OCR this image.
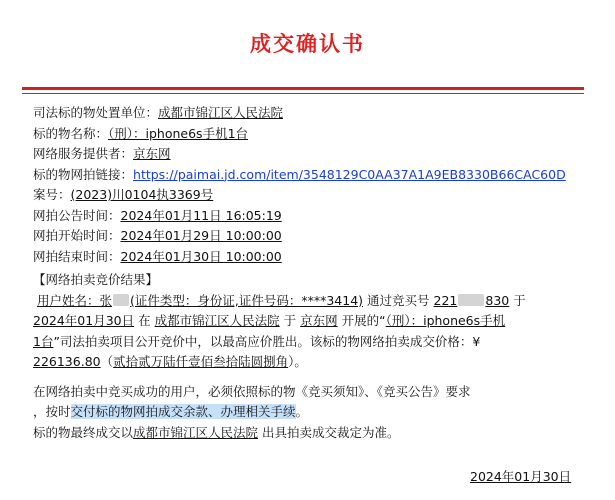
成交确认书
司法标的物处置单位：成都市锦江区人民法院
标的物名称：（刑）：iphone6s手机1台
网络服务提供者：京东网
标的物网拍链接：https://paimai.jd.com/item/3548129C0AA37A1A9EB8330B66CAC60D
案号：(2023)川0104执3369号
网拍公告时间：2024年01月11日 16:05:19
网拍开始时间：2024年01月29日 10:00:00
网拍结束时间：2024年01月30日 10:00:00
【网络拍卖竞价结果】
用户姓名：张 (证件类型：身份证,证件号码：****3414) 通过竞买号 221 830 于
2024年01月30日 在 成都市锦江区人民法院 于 京东网 开展的“（刑）：iphone6s手机
1台”司法拍卖项目公开竞价中，以最高应价胜出。该标的物网络拍卖成交价格：¥
226136.80（贰拾贰万陆仟壹佰叁拾陆圆捌角）。
在网络拍卖中竞买成功的用户，必须依照标的物《竞买须知》、《竞买公告》要求
，按时交付标的物网拍成交余款、办理相关手续。
标的物最终成交以成都市锦江区人民法院 出具拍卖成交裁定为准。
2024年01月30日
